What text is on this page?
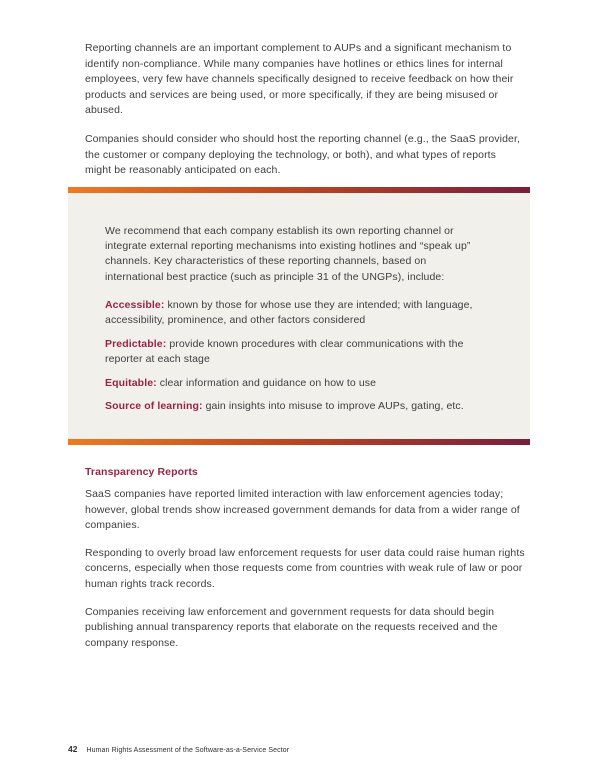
Reporting channels are an important complement to AUPs and a significant mechanism to identify non-compliance. While many companies have hotlines or ethics lines for internal employees, very few have channels specifically designed to receive feedback on how their products and services are being used, or more specifically, if they are being misused or abused.

Companies should consider who should host the reporting channel (e.g., the SaaS provider, the customer or company deploying the technology, or both), and what types of reports might be reasonably anticipated on each.

We recommend that each company establish its own reporting channel or integrate external reporting mechanisms into existing hotlines and “speak up” channels. Key characteristics of these reporting channels, based on international best practice (such as principle 31 of the UNGPs), include:

Accessible: known by those for whose use they are intended; with language, accessibility, prominence, and other factors considered

Predictable: provide known procedures with clear communications with the reporter at each stage

Equitable: clear information and guidance on how to use

Source of learning: gain insights into misuse to improve AUPs, gating, etc.

Transparency Reports

SaaS companies have reported limited interaction with law enforcement agencies today; however, global trends show increased government demands for data from a wider range of companies.

Responding to overly broad law enforcement requests for user data could raise human rights concerns, especially when those requests come from countries with weak rule of law or poor human rights track records.

Companies receiving law enforcement and government requests for data should begin publishing annual transparency reports that elaborate on the requests received and the company response.

42 Human Rights Assessment of the Software-as-a-Service Sector
